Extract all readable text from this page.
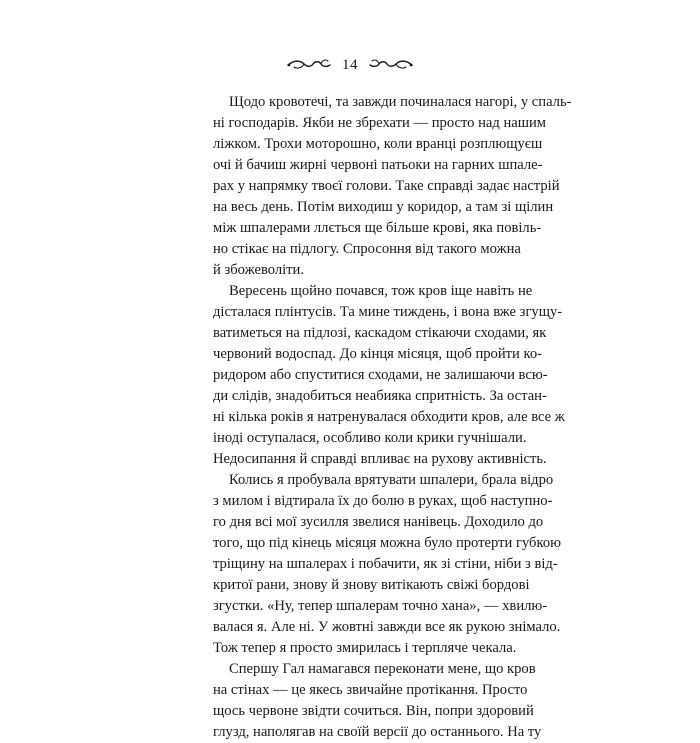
14
Щодо кровотечі, та завжди починалася нагорі, у спаль-
ні господарів. Якби не збрехати — просто над нашим
ліжком. Трохи моторошно, коли вранці розплющуєш
очі й бачиш жирні червоні патьоки на гарних шпале-
рах у напрямку твоєї голови. Таке справді задає настрій
на весь день. Потім виходиш у коридор, а там зі щілин
між шпалерами ллється ще більше крові, яка повіль-
но стікає на підлогу. Спросоння від такого можна
й збожеволіти.
Вересень щойно почався, тож кров іще навіть не
дісталася плінтусів. Та мине тиждень, і вона вже згущу-
ватиметься на підлозі, каскадом стікаючи сходами, як
червоний водоспад. До кінця місяця, щоб пройти ко-
ридором або спуститися сходами, не залишаючи всю-
ди слідів, знадобиться неабияка спритність. За остан-
ні кілька років я натренувалася обходити кров, але все ж
іноді оступалася, особливо коли крики гучнішали.
Недосипання й справді впливає на рухову активність.
Колись я пробувала врятувати шпалери, брала відро
з милом і відтирала їх до болю в руках, щоб наступно-
го дня всі мої зусилля звелися нанівець. Доходило до
того, що під кінець місяця можна було протерти губкою
тріщину на шпалерах і побачити, як зі стіни, ніби з від-
критої рани, знову й знову витікають свіжі бордові
згустки. «Ну, тепер шпалерам точно хана», — хвилю-
валася я. Але ні. У жовтні завжди все як рукою знімало.
Тож тепер я просто змирилась і терпляче чекала.
Спершу Гал намагався переконати мене, що кров
на стінах — це якесь звичайне протікання. Просто
щось червоне звідти сочиться. Він, попри здоровий
глузд, наполягав на своїй версії до останнього. На ту
